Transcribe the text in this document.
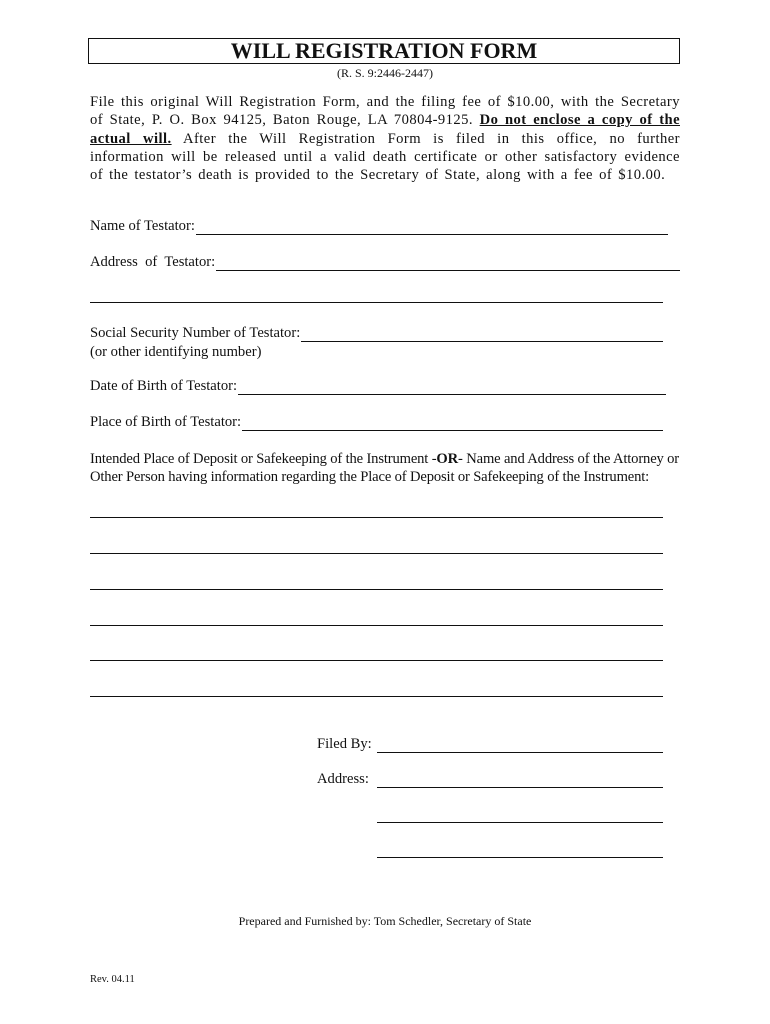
WILL REGISTRATION FORM
(R. S. 9:2446-2447)
File this original Will Registration Form, and the filing fee of $10.00, with the Secretary of State, P. O. Box 94125, Baton Rouge, LA 70804-9125. Do not enclose a copy of the actual will. After the Will Registration Form is filed in this office, no further information will be released until a valid death certificate or other satisfactory evidence of the testator’s death is provided to the Secretary of State, along with a fee of $10.00.
Name of Testator:
Address  of  Testator:
Social Security Number of Testator:
(or other identifying number)
Date of Birth of Testator:
Place of Birth of Testator:
Intended Place of Deposit or Safekeeping of the Instrument -OR- Name and Address of the Attorney or Other Person having information regarding the Place of Deposit or Safekeeping of the Instrument:
Filed By:
Address:
Prepared and Furnished by: Tom Schedler, Secretary of State
Rev. 04.11
